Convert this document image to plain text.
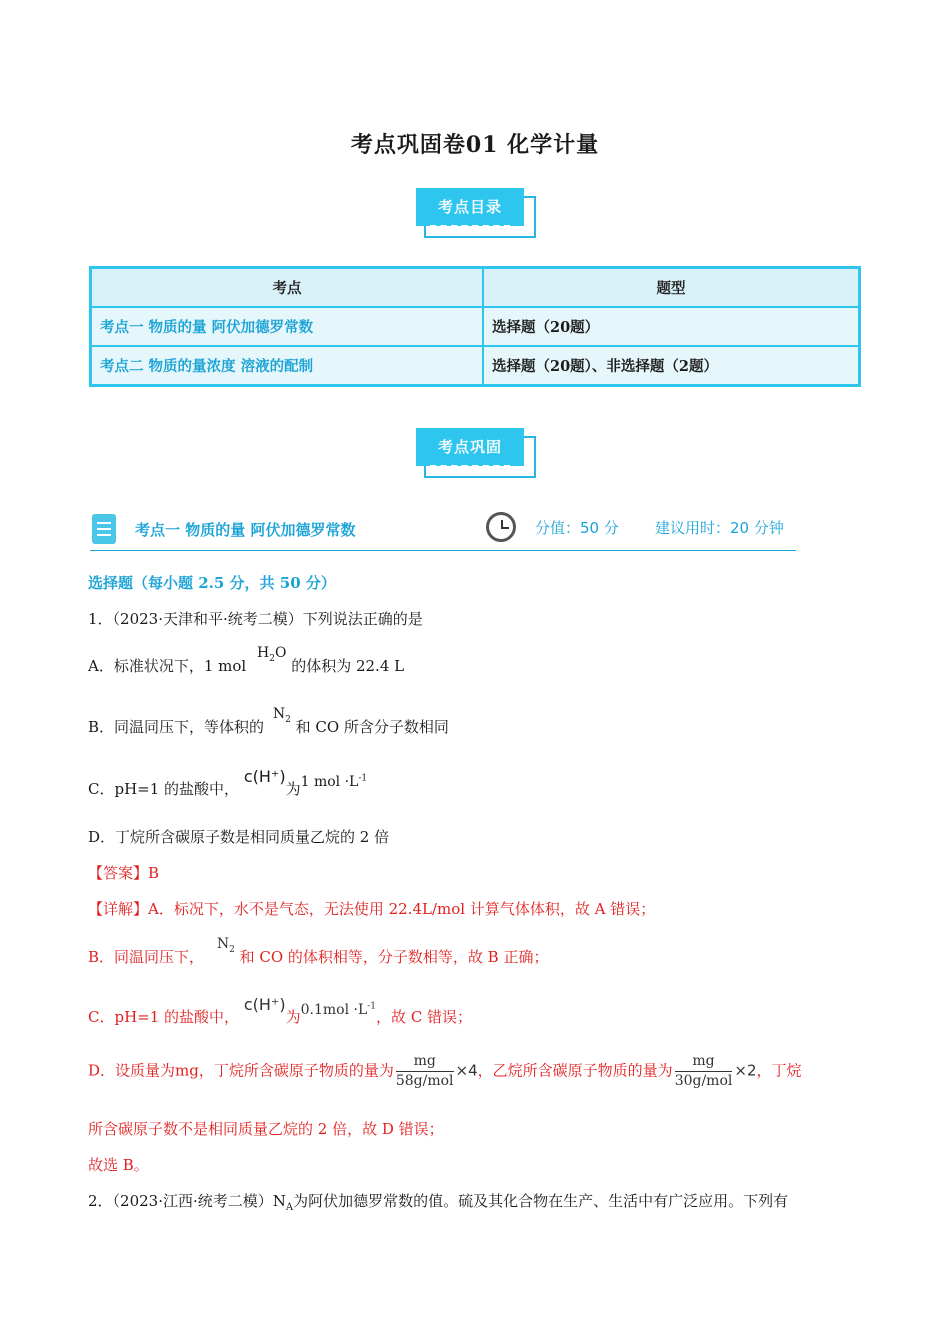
考点巩固卷01 化学计量
考点目录
考点	题型
考点一 物质的量 阿伏加德罗常数	选择题（20题）
考点二 物质的量浓度 溶液的配制	选择题（20题）、非选择题（2题）
考点巩固
考点一 物质的量 阿伏加德罗常数	分值：50 分 建议用时：20 分钟
选择题（每小题 2.5 分，共 50 分）
1．（2023·天津和平·统考二模）下列说法正确的是
A．标准状况下，1 mol $H_2O$ 的体积为 22.4 L
B．同温同压下，等体积的 $N_2$ 和 CO 所含分子数相同
C．pH=1 的盐酸中， c(H⁺)为1 mol $\cdot L^{-1}$
D．丁烷所含碳原子数是相同质量乙烷的 2 倍
【答案】B
【详解】A．标况下，水不是气态，无法使用 22.4L/mol 计算气体体积，故 A 错误；
B．同温同压下， $N_2$ 和 CO 的体积相等，分子数相等，故 B 正确；
C．pH=1 的盐酸中， c(H⁺)为$0.1mol \cdot L^{-1}$，故 C 错误；
D．设质量为mg，丁烷所含碳原子物质的量为 $\frac{mg}{\text{58g/mol}} \times 4$，乙烷所含碳原子物质的量为 $\frac{mg}{\text{30g/mol}} \times 2$，丁烷
所含碳原子数不是相同质量乙烷的 2 倍，故 D 错误；
故选 B。
2．（2023·江西·统考二模）$N_A$为阿伏加德罗常数的值。硫及其化合物在生产、生活中有广泛应用。下列有
